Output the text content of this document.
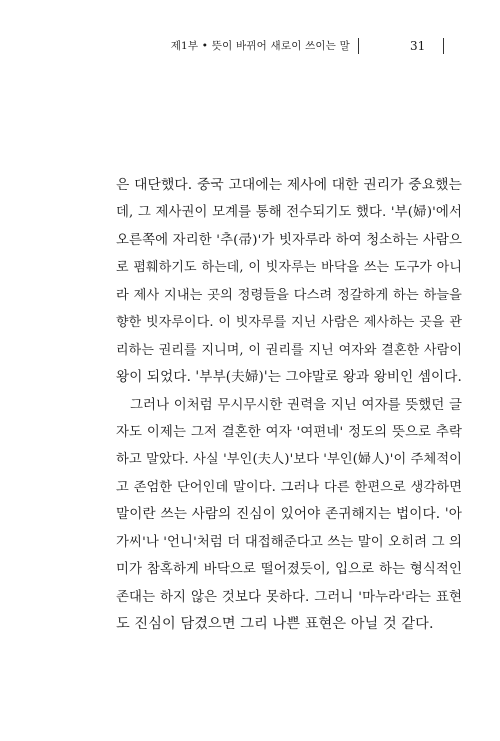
제1부 • 뜻이 바뀌어 새로이 쓰이는 말	31
은 대단했다. 중국 고대에는 제사에 대한 권리가 중요했는
데, 그 제사권이 모계를 통해 전수되기도 했다. '부(婦)'에서
오른쪽에 자리한 '추(帚)'가 빗자루라 하여 청소하는 사람으
로 폄훼하기도 하는데, 이 빗자루는 바닥을 쓰는 도구가 아니
라 제사 지내는 곳의 정령들을 다스려 정갈하게 하는 하늘을
향한 빗자루이다. 이 빗자루를 지닌 사람은 제사하는 곳을 관
리하는 권리를 지니며, 이 권리를 지닌 여자와 결혼한 사람이
왕이 되었다. '부부(夫婦)'는 그야말로 왕과 왕비인 셈이다.
그러나 이처럼 무시무시한 권력을 지닌 여자를 뜻했던 글
자도 이제는 그저 결혼한 여자 '여편네' 정도의 뜻으로 추락
하고 말았다. 사실 '부인(夫人)'보다 '부인(婦人)'이 주체적이
고 존엄한 단어인데 말이다. 그러나 다른 한편으로 생각하면
말이란 쓰는 사람의 진심이 있어야 존귀해지는 법이다. '아
가씨'나 '언니'처럼 더 대접해준다고 쓰는 말이 오히려 그 의
미가 참혹하게 바닥으로 떨어졌듯이, 입으로 하는 형식적인
존대는 하지 않은 것보다 못하다. 그러니 '마누라'라는 표현
도 진심이 담겼으면 그리 나쁜 표현은 아닐 것 같다.
